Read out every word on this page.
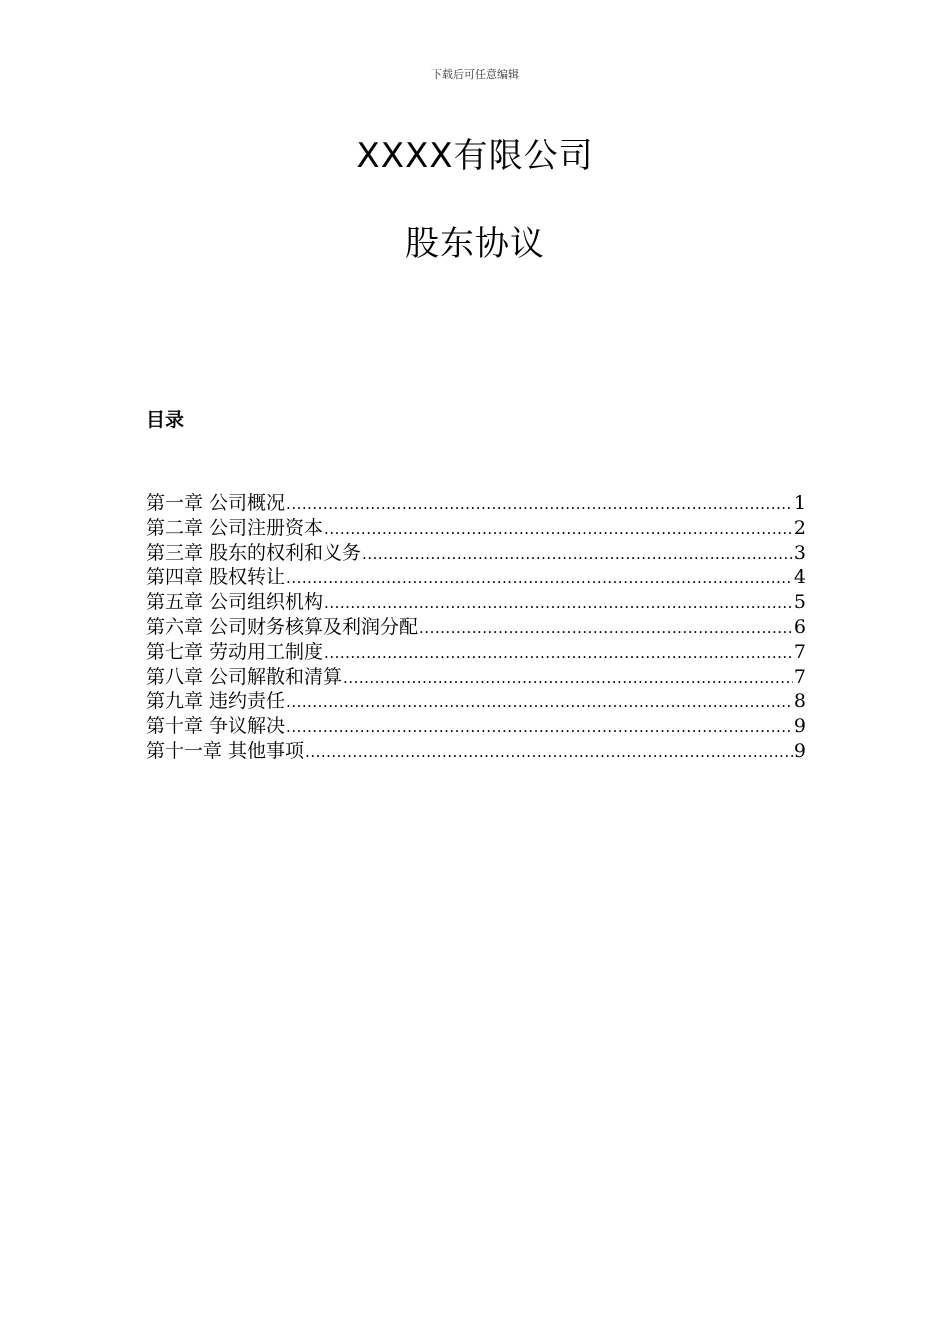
下载后可任意编辑
XXXX有限公司
股东协议
目录
第一章 公司概况 .....	1
第二章 公司注册资本 .....	2
第三章 股东的权利和义务 .....	3
第四章 股权转让 .....	4
第五章 公司组织机构 .....	5
第六章 公司财务核算及利润分配 .....	6
第七章 劳动用工制度 .....	7
第八章 公司解散和清算 .....	7
第九章 违约责任 .....	8
第十章 争议解决 .....	9
第十一章 其他事项 .....	9
